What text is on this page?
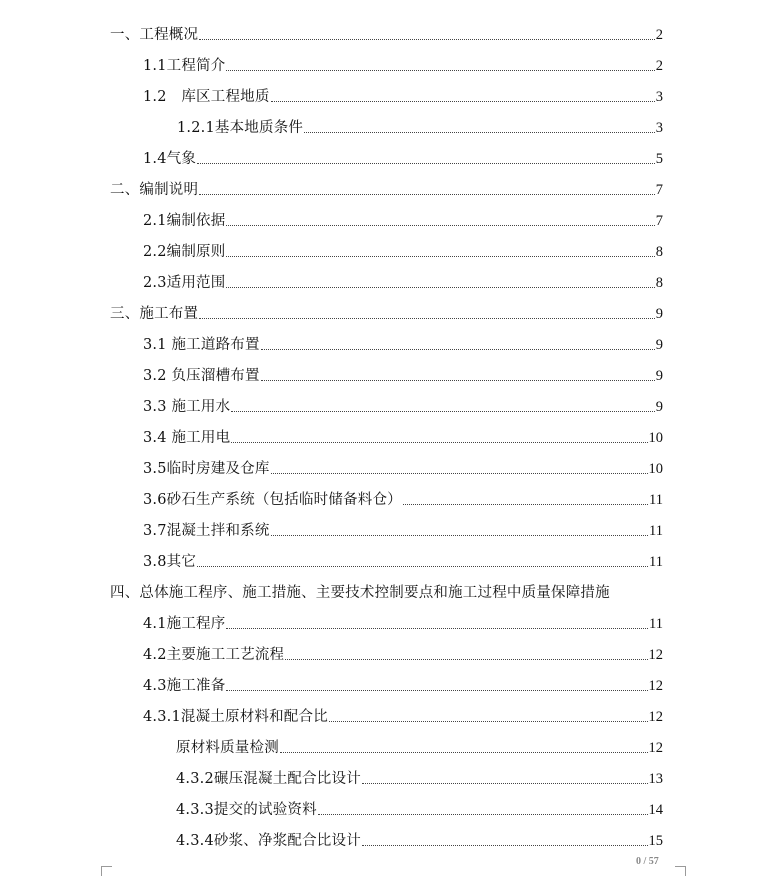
一、工程概况	2
1.1工程简介	2
1.2　库区工程地质	3
1.2.1基本地质条件	3
1.4气象	5
二、编制说明	7
2.1编制依据	7
2.2编制原则	8
2.3适用范围	8
三、施工布置	9
3.1 施工道路布置	9
3.2 负压溜槽布置	9
3.3 施工用水	9
3.4 施工用电	10
3.5临时房建及仓库	10
3.6砂石生产系统（包括临时储备料仓）	11
3.7混凝土拌和系统	11
3.8其它	11
四、总体施工程序、施工措施、主要技术控制要点和施工过程中质量保障措施
4.1施工程序	11
4.2主要施工工艺流程	12
4.3施工准备	12
4.3.1混凝土原材料和配合比	12
原材料质量检测	12
4.3.2碾压混凝土配合比设计	13
4.3.3提交的试验资料	14
4.3.4砂浆、净浆配合比设计	15
0 / 57
